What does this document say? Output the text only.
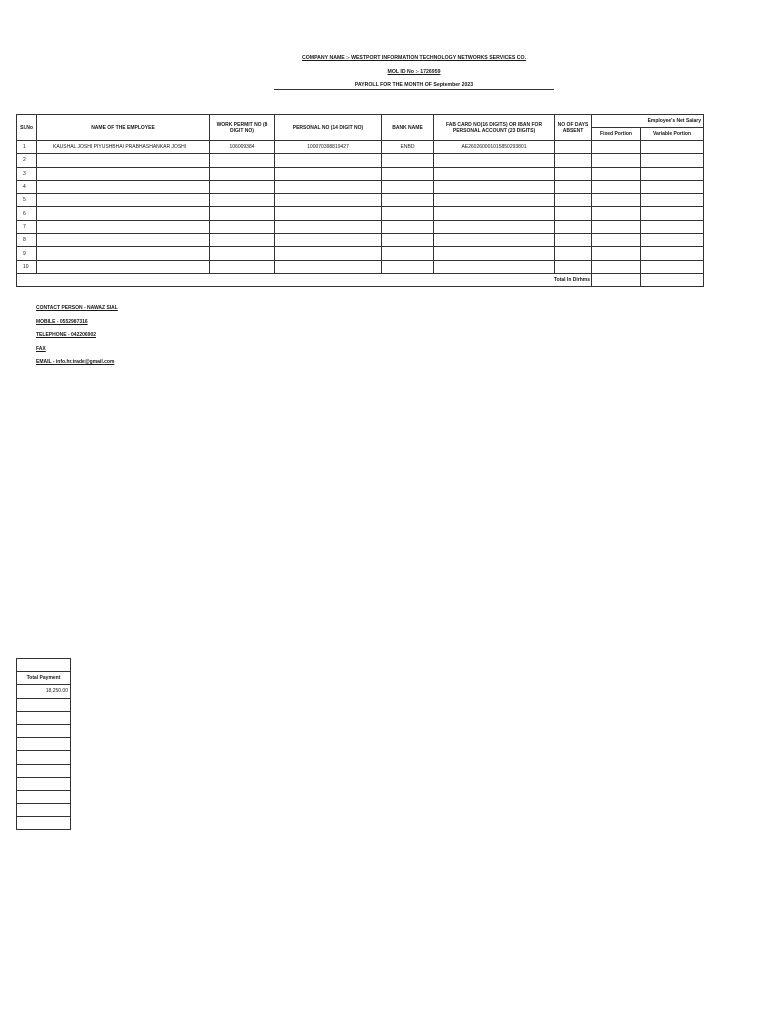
COMPANY NAME :- WESTPORT INFORMATION TECHNOLOGY NETWORKS SERVICES CO.
MOL ID No :- 1726959
PAYROLL FOR THE MONTH OF September 2023
Sl.No	NAME OF THE EMPLOYEE	WORK PERMIT NO (8 DIGIT NO)	PERSONAL NO (14 DIGIT NO)	BANK NAME	FAB CARD NO(16 DIGITS) OR IBAN FOR PERSONAL ACCOUNT (23 DIGITS)	NO OF DAYS ABSENT	Employee's Net Salary	
							Fixed Portion	Variable Portion
1	KAUSHAL JOSHI PIYUSHBHAI PRABHASHANKAR JOSHI	106009384	100070398819427	ENBD	AE260260001015850293801			
2								
3								
4								
5								
6								
7								
8								
9								
10								
Total In Dirhms								
CONTACT PERSON - NAWAZ SIAL
MOBILE - 0552987316
TELEPHONE - 042206902
FAX
EMAIL - info.hr.trade@gmail.com

Total Payment
18,250.00
